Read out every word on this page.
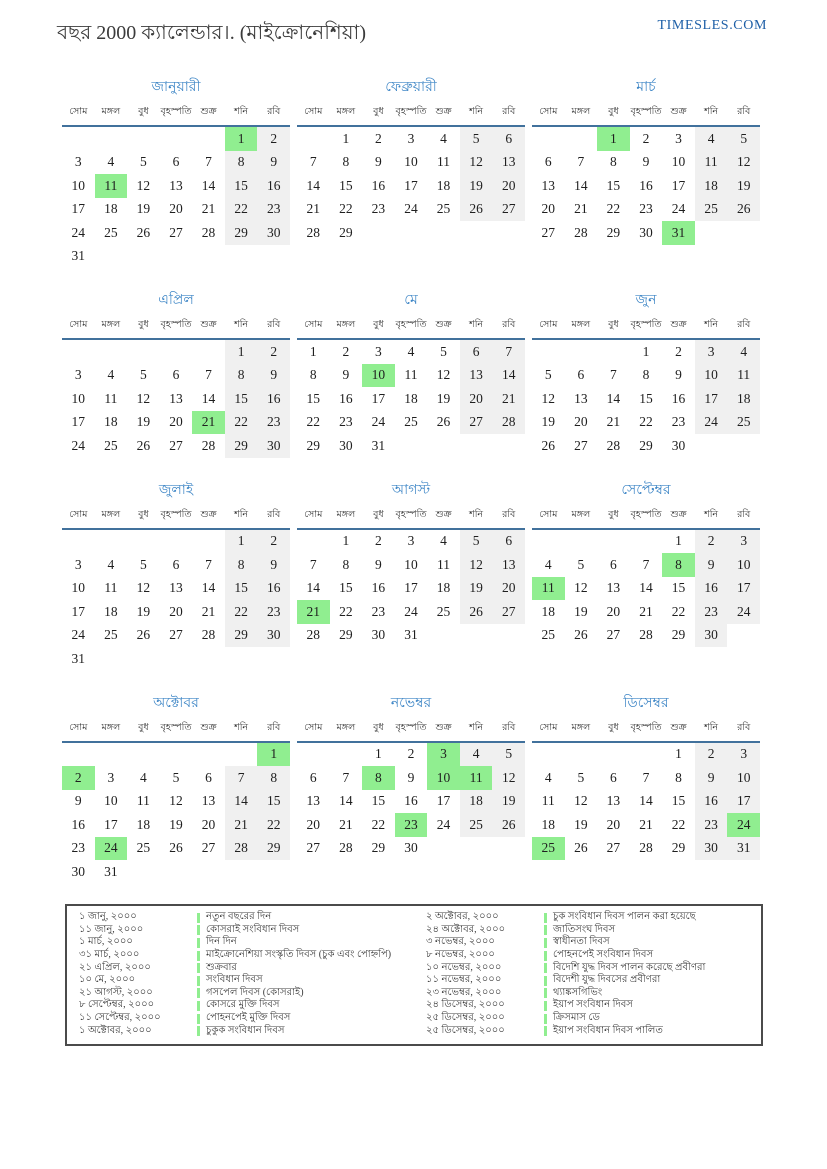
বছর 2000 ক্যালেন্ডার।. (মাইক্রোনেশিয়া)	TIMESLES.COM
জানুয়ারী
সোম	মঙ্গল	বুধ	বৃহস্পতি	শুক্র	শনি	রবি
					1	2
3	4	5	6	7	8	9
10	11	12	13	14	15	16
17	18	19	20	21	22	23
24	25	26	27	28	29	30
31						
ফেব্রুয়ারী
সোম	মঙ্গল	বুধ	বৃহস্পতি	শুক্র	শনি	রবি
	1	2	3	4	5	6
7	8	9	10	11	12	13
14	15	16	17	18	19	20
21	22	23	24	25	26	27
28	29					
মার্চ
সোম	মঙ্গল	বুধ	বৃহস্পতি	শুক্র	শনি	রবি
		1	2	3	4	5
6	7	8	9	10	11	12
13	14	15	16	17	18	19
20	21	22	23	24	25	26
27	28	29	30	31		
এপ্রিল
সোম	মঙ্গল	বুধ	বৃহস্পতি	শুক্র	শনি	রবি
					1	2
3	4	5	6	7	8	9
10	11	12	13	14	15	16
17	18	19	20	21	22	23
24	25	26	27	28	29	30
মে
সোম	মঙ্গল	বুধ	বৃহস্পতি	শুক্র	শনি	রবি
1	2	3	4	5	6	7
8	9	10	11	12	13	14
15	16	17	18	19	20	21
22	23	24	25	26	27	28
29	30	31				
জুন
সোম	মঙ্গল	বুধ	বৃহস্পতি	শুক্র	শনি	রবি
			1	2	3	4
5	6	7	8	9	10	11
12	13	14	15	16	17	18
19	20	21	22	23	24	25
26	27	28	29	30		
জুলাই
সোম	মঙ্গল	বুধ	বৃহস্পতি	শুক্র	শনি	রবি
					1	2
3	4	5	6	7	8	9
10	11	12	13	14	15	16
17	18	19	20	21	22	23
24	25	26	27	28	29	30
31						
আগস্ট
সোম	মঙ্গল	বুধ	বৃহস্পতি	শুক্র	শনি	রবি
	1	2	3	4	5	6
7	8	9	10	11	12	13
14	15	16	17	18	19	20
21	22	23	24	25	26	27
28	29	30	31			
সেপ্টেম্বর
সোম	মঙ্গল	বুধ	বৃহস্পতি	শুক্র	শনি	রবি
				1	2	3
4	5	6	7	8	9	10
11	12	13	14	15	16	17
18	19	20	21	22	23	24
25	26	27	28	29	30	
অক্টোবর
সোম	মঙ্গল	বুধ	বৃহস্পতি	শুক্র	শনি	রবি
						1
2	3	4	5	6	7	8
9	10	11	12	13	14	15
16	17	18	19	20	21	22
23	24	25	26	27	28	29
30	31					
নভেম্বর
সোম	মঙ্গল	বুধ	বৃহস্পতি	শুক্র	শনি	রবি
		1	2	3	4	5
6	7	8	9	10	11	12
13	14	15	16	17	18	19
20	21	22	23	24	25	26
27	28	29	30			
ডিসেম্বর
সোম	মঙ্গল	বুধ	বৃহস্পতি	শুক্র	শনি	রবি
				1	2	3
4	5	6	7	8	9	10
11	12	13	14	15	16	17
18	19	20	21	22	23	24
25	26	27	28	29	30	31
১ জানু, ২০০০	নতুন বছরের দিন
১১ জানু, ২০০০	কোসরাই সংবিধান দিবস
১ মার্চ, ২০০০	দিন দিন
৩১ মার্চ, ২০০০	মাইক্রোনেশিয়া সংস্কৃতি দিবস (চুক এবং পোহ্নপি)
২১ এপ্রিল, ২০০০	শুক্রবার
১০ মে, ২০০০	সংবিধান দিবস
২১ আগস্ট, ২০০০	গসপেল দিবস (কোসরাই)
৮ সেপ্টেম্বর, ২০০০	কোসরে মুক্তি দিবস
১১ সেপ্টেম্বর, ২০০০	পোহনপেই মুক্তি দিবস
১ অক্টোবর, ২০০০	চুকুক সংবিধান দিবস
২ অক্টোবর, ২০০০	চুক সংবিধান দিবস পালন করা হয়েছে
২৪ অক্টোবর, ২০০০	জাতিসংঘ দিবস
৩ নভেম্বর, ২০০০	স্বাধীনতা দিবস
৮ নভেম্বর, ২০০০	পোহনপেই সংবিধান দিবস
১০ নভেম্বর, ২০০০	বিদেশি যুদ্ধ দিবস পালন করেছে প্রবীণরা
১১ নভেম্বর, ২০০০	বিদেশী যুদ্ধ দিবসের প্রবীণরা
২৩ নভেম্বর, ২০০০	থ্যাঙ্কসগিভিং
২৪ ডিসেম্বর, ২০০০	ইয়াপ সংবিধান দিবস
২৫ ডিসেম্বর, ২০০০	ক্রিসমাস ডে
২৫ ডিসেম্বর, ২০০০	ইয়াপ সংবিধান দিবস পালিত
